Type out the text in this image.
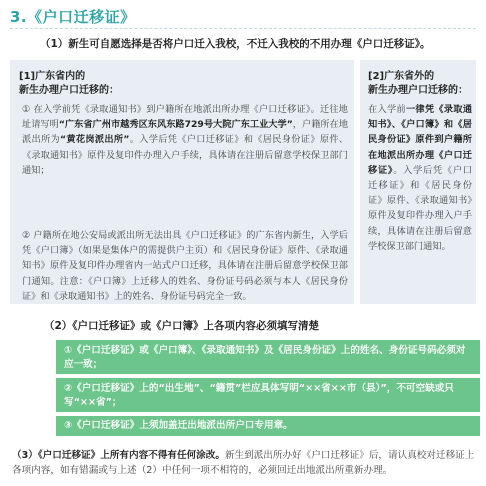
3.《户口迁移证》
（1）新生可自愿选择是否将户口迁入我校，不迁入我校的不用办理《户口迁移证》。
[1]广东省内的
新生办理户口迁移的：
① 在入学前凭《录取通知书》到户籍所在地派出所办理《户口迁移证》。迁往地址请写明“广东省广州市越秀区东风东路729号大院广东工业大学”，户籍所在地派出所为“黄花岗派出所”。入学后凭《户口迁移证》和《居民身份证》原件、《录取通知书》原件及复印件办理入户手续，具体请在注册后留意学校保卫部门通知；
② 户籍所在地公安局或派出所无法出具《户口迁移证》的广东省内新生，入学后凭《户口簿》（如果是集体户的需提供户主页）和《居民身份证》原件、《录取通知书》原件及复印件办理省内一站式户口迁移，具体请在注册后留意学校保卫部门通知。注意：《户口簿》上迁移人的姓名、身份证号码必须与本人《居民身份证》和《录取通知书》上的姓名、身份证号码完全一致。
[2]广东省外的
新生办理户口迁移的：
在入学前一律凭《录取通知书》、《户口簿》和《居民身份证》原件到户籍所在地派出所办理《户口迁移证》。入学后凭《户口迁移证》和《居民身份证》原件、《录取通知书》原件及复印件办理入户手续，具体请在注册后留意学校保卫部门通知。
（2）《户口迁移证》或《户口簿》上各项内容必须填写清楚
①《户口迁移证》或《户口簿》、《录取通知书》及《居民身份证》上的姓名、身份证号码必须对应一致；
②《户口迁移证》上的“出生地”、“籍贯”栏应具体写明“××省××市（县）”，不可空缺或只写“××省”；
③《户口迁移证》上须加盖迁出地派出所户口专用章。
（3）《户口迁移证》上所有内容不得有任何涂改。新生到派出所办好《户口迁移证》后，请认真校对迁移证上各项内容，如有错漏或与上述（2）中任何一项不相符的，必须回迁出地派出所重新办理。
